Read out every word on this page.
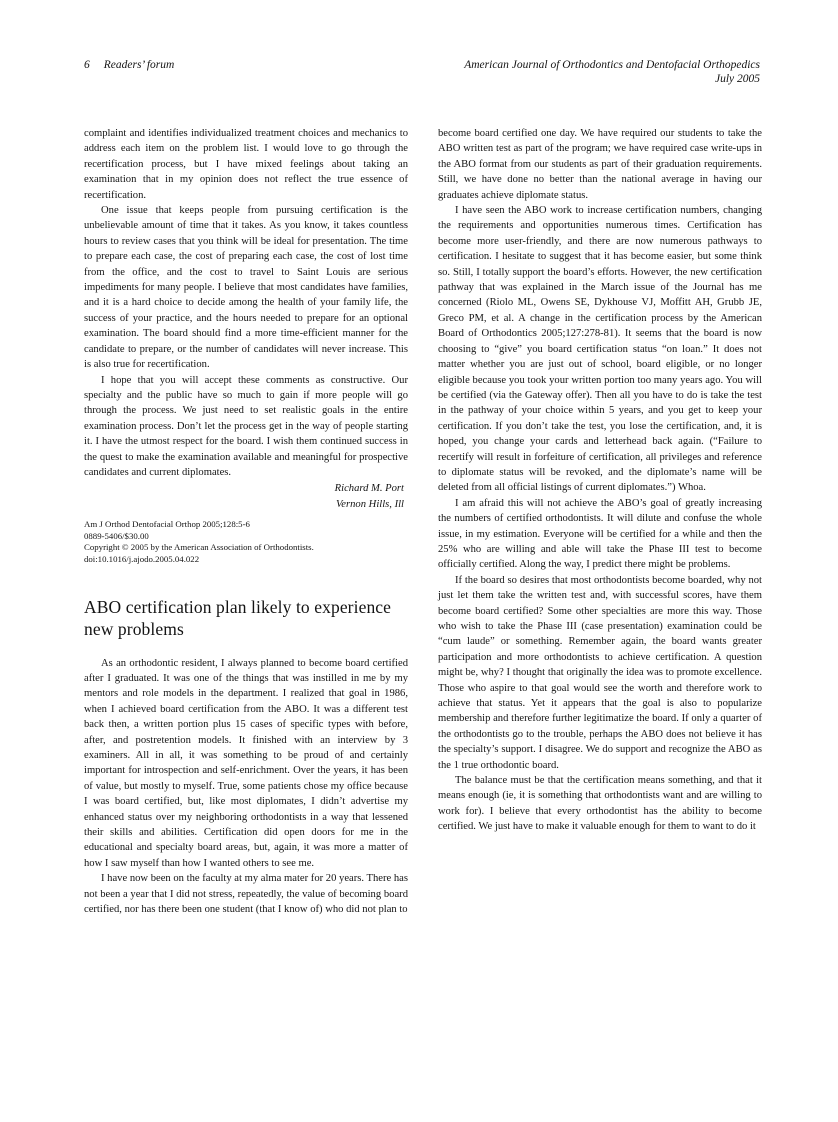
6 Readers’ forum	American Journal of Orthodontics and Dentofacial Orthopedics
July 2005

complaint and identifies individualized treatment choices and mechanics to address each item on the problem list. I would love to go through the recertification process, but I have mixed feelings about taking an examination that in my opinion does not reflect the true essence of recertification.

One issue that keeps people from pursuing certification is the unbelievable amount of time that it takes. As you know, it takes countless hours to review cases that you think will be ideal for presentation. The time to prepare each case, the cost of preparing each case, the cost of lost time from the office, and the cost to travel to Saint Louis are serious impediments for many people. I believe that most candidates have families, and it is a hard choice to decide among the health of your family life, the success of your practice, and the hours needed to prepare for an optional examination. The board should find a more time-efficient manner for the candidate to prepare, or the number of candidates will never increase. This is also true for recertification.

I hope that you will accept these comments as constructive. Our specialty and the public have so much to gain if more people will go through the process. We just need to set realistic goals in the entire examination process. Don’t let the process get in the way of people starting it. I have the utmost respect for the board. I wish them continued success in the quest to make the examination available and meaningful for prospective candidates and current diplomates.

Richard M. Port
Vernon Hills, Ill
Am J Orthod Dentofacial Orthop 2005;128:5-6
0889-5406/$30.00
Copyright © 2005 by the American Association of Orthodontists.
doi:10.1016/j.ajodo.2005.04.022
ABO certification plan likely to experience new problems

As an orthodontic resident, I always planned to become board certified after I graduated. It was one of the things that was instilled in me by my mentors and role models in the department. I realized that goal in 1986, when I achieved board certification from the ABO. It was a different test back then, a written portion plus 15 cases of specific types with before, after, and postretention models. It finished with an interview by 3 examiners. All in all, it was something to be proud of and certainly important for introspection and self-enrichment. Over the years, it has been of value, but mostly to myself. True, some patients chose my office because I was board certified, but, like most diplomates, I didn’t advertise my enhanced status over my neighboring orthodontists in a way that lessened their skills and abilities. Certification did open doors for me in the educational and specialty board areas, but, again, it was more a matter of how I saw myself than how I wanted others to see me.

I have now been on the faculty at my alma mater for 20 years. There has not been a year that I did not stress, repeatedly, the value of becoming board certified, nor has there been one student (that I know of) who did not plan to

become board certified one day. We have required our students to take the ABO written test as part of the program; we have required case write-ups in the ABO format from our students as part of their graduation requirements. Still, we have done no better than the national average in having our graduates achieve diplomate status.

I have seen the ABO work to increase certification numbers, changing the requirements and opportunities numerous times. Certification has become more user-friendly, and there are now numerous pathways to certification. I hesitate to suggest that it has become easier, but some think so. Still, I totally support the board’s efforts. However, the new certification pathway that was explained in the March issue of the Journal has me concerned (Riolo ML, Owens SE, Dykhouse VJ, Moffitt AH, Grubb JE, Greco PM, et al. A change in the certification process by the American Board of Orthodontics 2005;127:278-81). It seems that the board is now choosing to “give” you board certification status “on loan.” It does not matter whether you are just out of school, board eligible, or no longer eligible because you took your written portion too many years ago. You will be certified (via the Gateway offer). Then all you have to do is take the test in the pathway of your choice within 5 years, and you get to keep your certification. If you don’t take the test, you lose the certification, and, it is hoped, you change your cards and letterhead back again. (“Failure to recertify will result in forfeiture of certification, all privileges and reference to diplomate status will be revoked, and the diplomate’s name will be deleted from all official listings of current diplomates.”) Whoa.

I am afraid this will not achieve the ABO’s goal of greatly increasing the numbers of certified orthodontists. It will dilute and confuse the whole issue, in my estimation. Everyone will be certified for a while and then the 25% who are willing and able will take the Phase III test to become officially certified. Along the way, I predict there might be problems.

If the board so desires that most orthodontists become boarded, why not just let them take the written test and, with successful scores, have them become board certified? Some other specialties are more this way. Those who wish to take the Phase III (case presentation) examination could be “cum laude” or something. Remember again, the board wants greater participation and more orthodontists to achieve certification. A question might be, why? I thought that originally the idea was to promote excellence. Those who aspire to that goal would see the worth and therefore work to achieve that status. Yet it appears that the goal is also to popularize membership and therefore further legitimatize the board. If only a quarter of the orthodontists go to the trouble, perhaps the ABO does not believe it has the specialty’s support. I disagree. We do support and recognize the ABO as the 1 true orthodontic board.

The balance must be that the certification means something, and that it means enough (ie, it is something that orthodontists want and are willing to work for). I believe that every orthodontist has the ability to become certified. We just have to make it valuable enough for them to want to do it
